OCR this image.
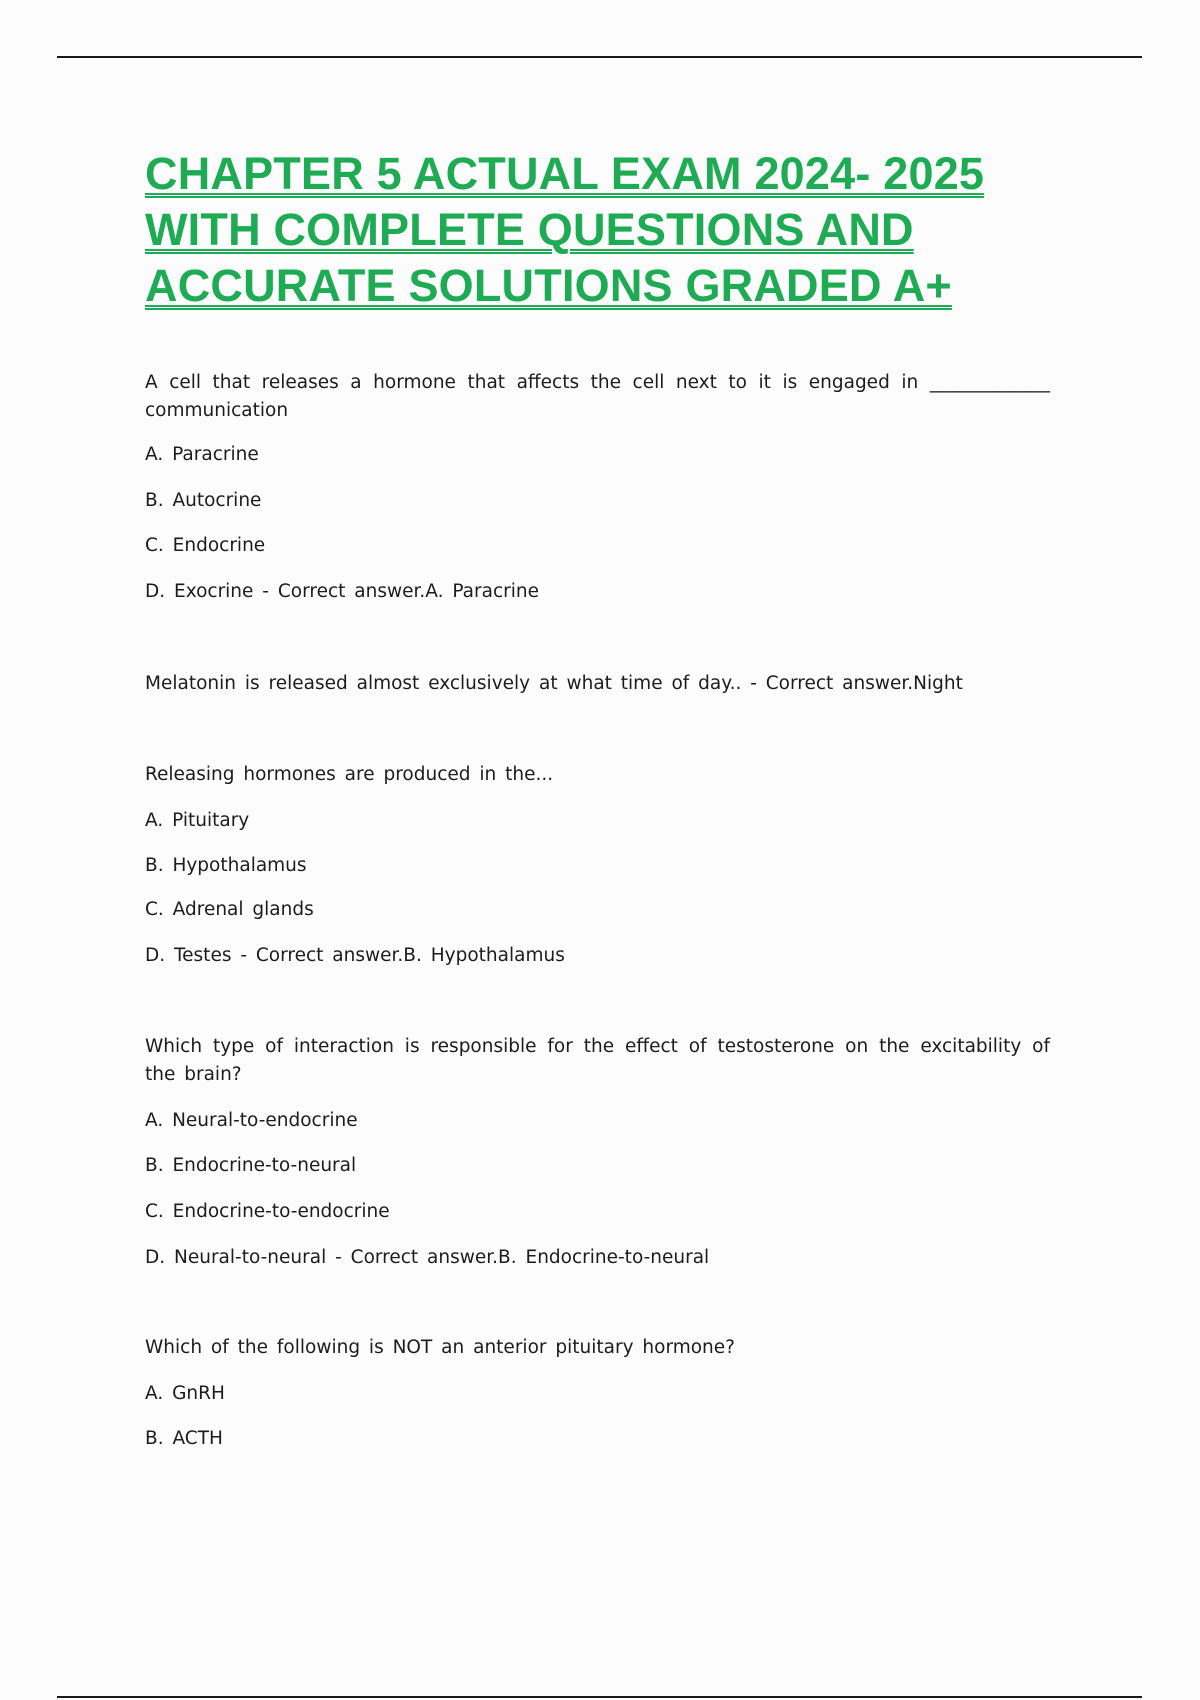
CHAPTER 5 ACTUAL EXAM 2024- 2025
WITH COMPLETE QUESTIONS AND
ACCURATE SOLUTIONS GRADED A+
A cell that releases a hormone that affects the cell next to it is engaged in _____________ communication
A. Paracrine
B. Autocrine
C. Endocrine
D. Exocrine - Correct answer.A. Paracrine
Melatonin is released almost exclusively at what time of day.. - Correct answer.Night
Releasing hormones are produced in the...
A. Pituitary
B. Hypothalamus
C. Adrenal glands
D. Testes - Correct answer.B. Hypothalamus
Which type of interaction is responsible for the effect of testosterone on the excitability of the brain?
A. Neural-to-endocrine
B. Endocrine-to-neural
C. Endocrine-to-endocrine
D. Neural-to-neural - Correct answer.B. Endocrine-to-neural
Which of the following is NOT an anterior pituitary hormone?
A. GnRH
B. ACTH
